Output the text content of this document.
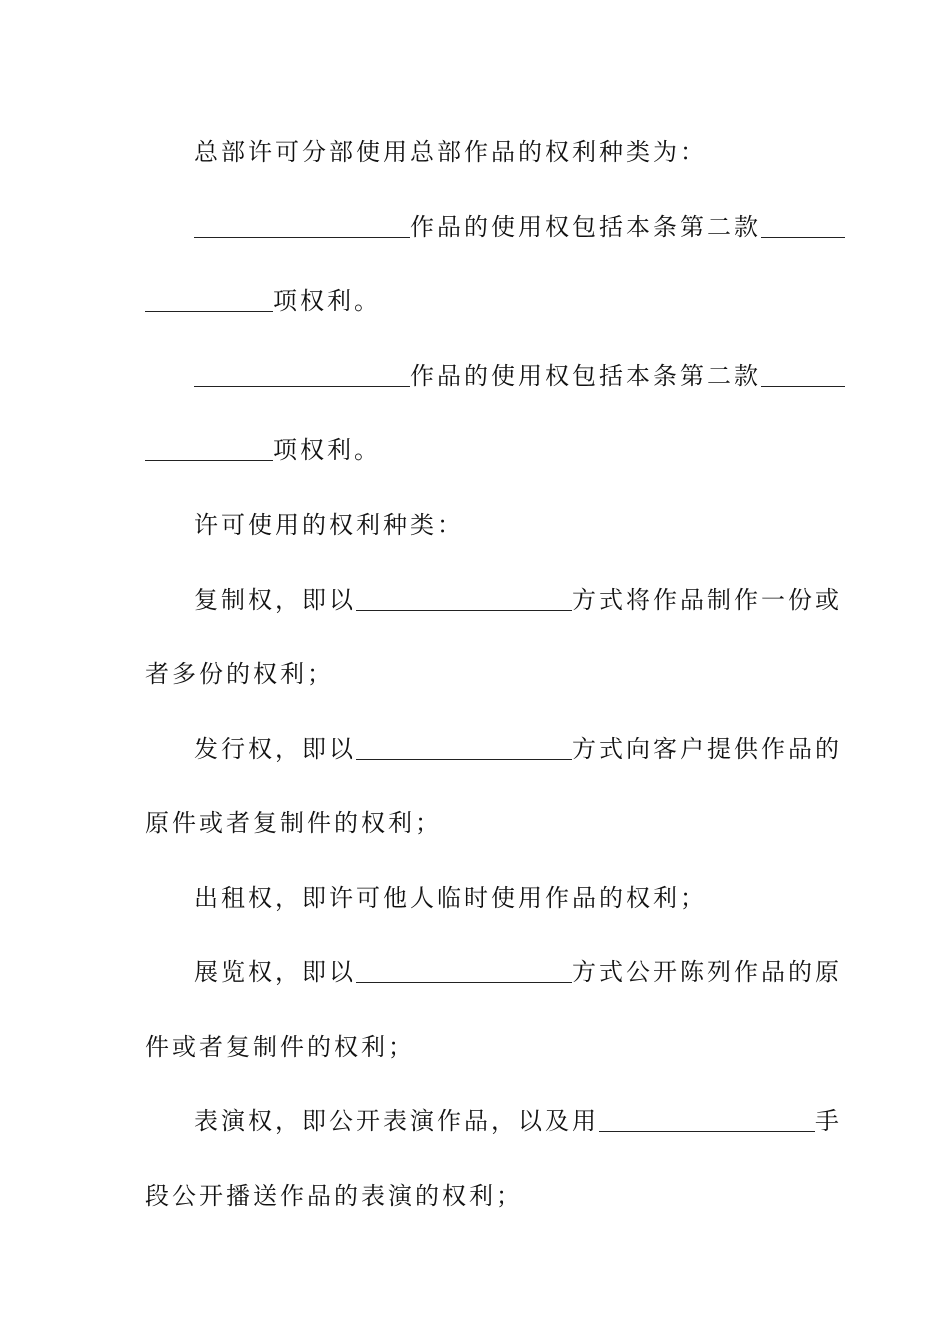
总部许可分部使用总部作品的权利种类为：
作品的使用权包括本条第二款
项权利。
作品的使用权包括本条第二款
项权利。
许可使用的权利种类：
复制权，即以	方式将作品制作一份或
者多份的权利；
发行权，即以	方式向客户提供作品的
原件或者复制件的权利；
出租权，即许可他人临时使用作品的权利；
展览权，即以	方式公开陈列作品的原
件或者复制件的权利；
表演权，即公开表演作品，以及用	手
段公开播送作品的表演的权利；
